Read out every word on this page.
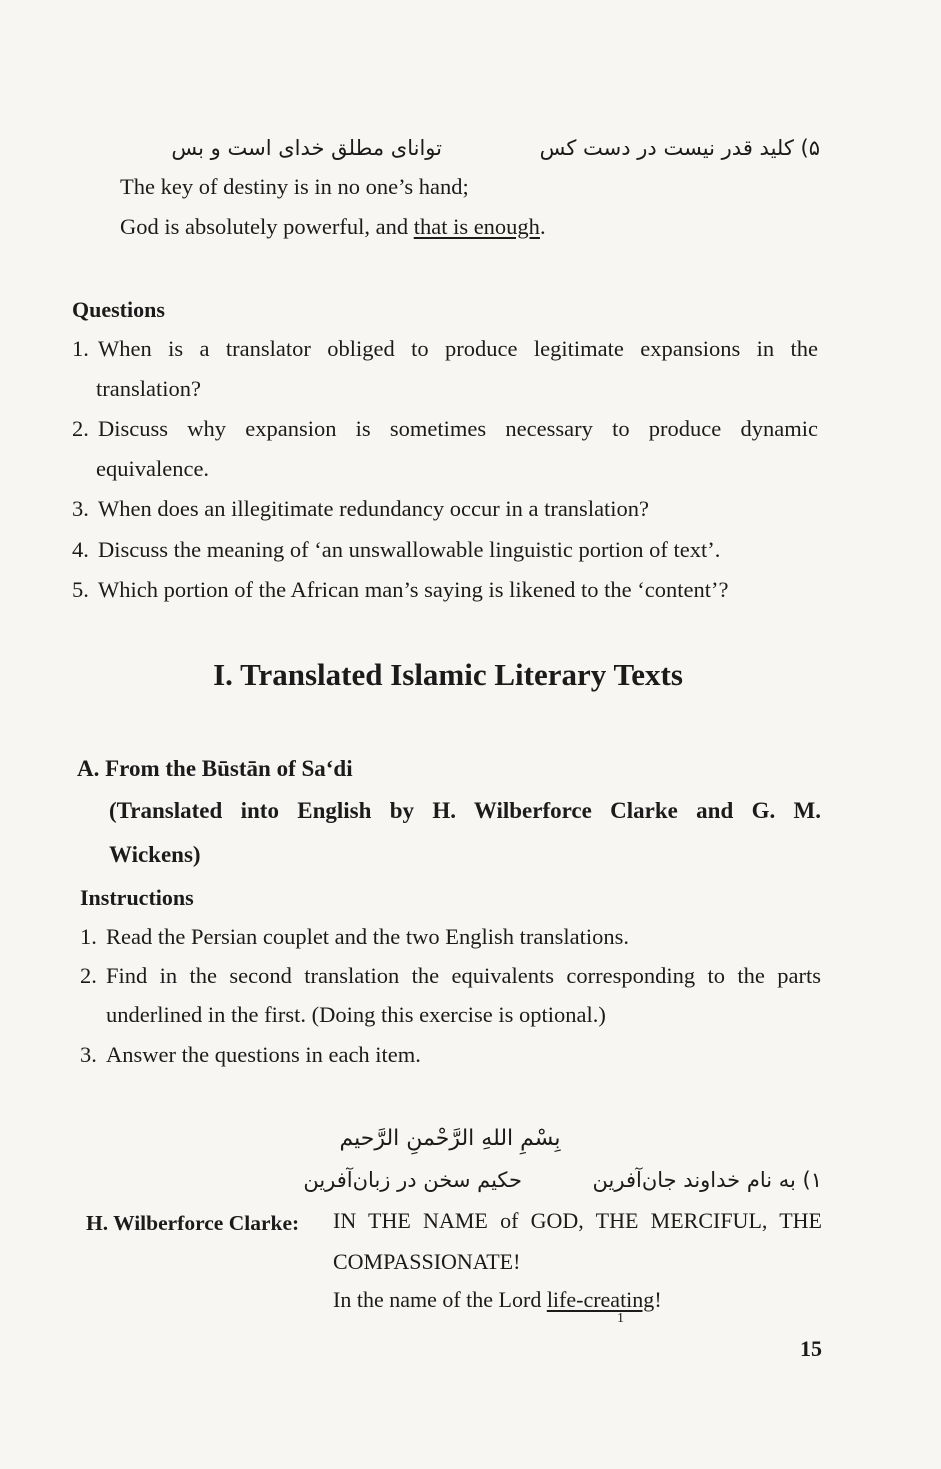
۵) کلید قدر نیست در دست کس
توانای مطلق خدای است و بس
The key of destiny is in no one’s hand;
God is absolutely powerful, and that is enough.
Questions
1. When is a translator obliged to produce legitimate expansions in the
translation?
2. Discuss why expansion is sometimes necessary to produce dynamic
equivalence.
3. When does an illegitimate redundancy occur in a translation?
4. Discuss the meaning of ‘an unswallowable linguistic portion of text’.
5. Which portion of the African man’s saying is likened to the ‘content’?
I. Translated Islamic Literary Texts
A. From the Būstān of Sa‘di
(Translated into English by H. Wilberforce Clarke and G. M.
Wickens)
Instructions
1. Read the Persian couplet and the two English translations.
2. Find in the second translation the equivalents corresponding to the parts
underlined in the first. (Doing this exercise is optional.)
3. Answer the questions in each item.
بِسْمِ اللهِ الرَّحْمنِ الرَّحیم
۱) به نام خداوند جان‌آفرین
حکیم سخن در زبان‌آفرین
H. Wilberforce Clarke: IN THE NAME of GOD, THE MERCIFUL, THE
COMPASSIONATE!
In the name of the Lord life-creating!
1
15
